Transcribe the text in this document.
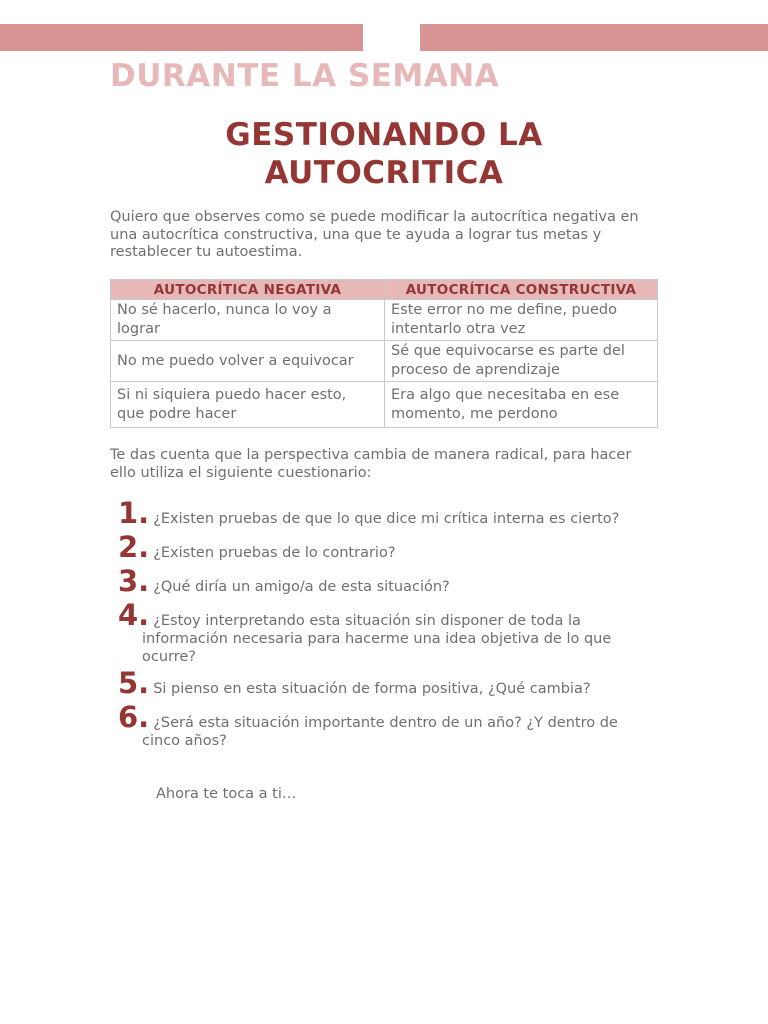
DURANTE LA SEMANA
GESTIONANDO LA
AUTOCRITICA
Quiero que observes como se puede modificar la autocrítica negativa en una autocrítica constructiva, una que te ayuda a lograr tus metas y restablecer tu autoestima.
AUTOCRÍTICA NEGATIVA	AUTOCRÍTICA CONSTRUCTIVA
No sé hacerlo, nunca lo voy a lograr	Este error no me define, puedo intentarlo otra vez
No me puedo volver a equivocar	Sé que equivocarse es parte del proceso de aprendizaje
Si ni siquiera puedo hacer esto, que podre hacer	Era algo que necesitaba en ese momento, me perdono
Te das cuenta que la perspectiva cambia de manera radical, para hacer ello utiliza el siguiente cuestionario:
1. ¿Existen pruebas de que lo que dice mi crítica interna es cierto?
2. ¿Existen pruebas de lo contrario?
3. ¿Qué diría un amigo/a de esta situación?
4. ¿Estoy interpretando esta situación sin disponer de toda la
información necesaria para hacerme una idea objetiva de lo que ocurre?
5. Si pienso en esta situación de forma positiva, ¿Qué cambia?
6. ¿Será esta situación importante dentro de un año? ¿Y dentro de
cinco años?
Ahora te toca a ti…
